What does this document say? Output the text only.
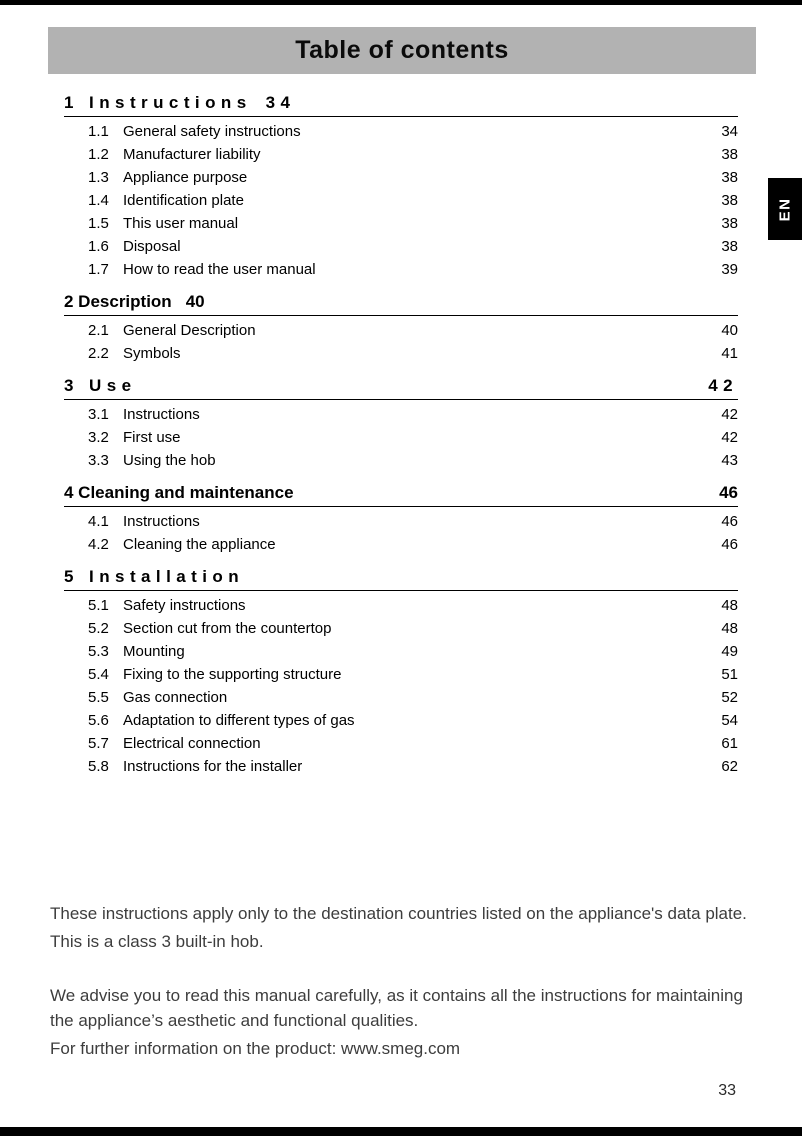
Table of contents
EN
1 Instructions 34
1.1 General safety instructions	34
1.2 Manufacturer liability	38
1.3 Appliance purpose	38
1.4 Identification plate	38
1.5 This user manual	38
1.6 Disposal	38
1.7 How to read the user manual	39
2 Description 40
2.1 General Description	40
2.2 Symbols	41
3 Use	42
3.1 Instructions	42
3.2 First use	42
3.3 Using the hob	43
4 Cleaning and maintenance	46
4.1 Instructions	46
4.2 Cleaning the appliance	46
5 Installation
5.1 Safety instructions	48
5.2 Section cut from the countertop	48
5.3 Mounting	49
5.4 Fixing to the supporting structure	51
5.5 Gas connection	52
5.6 Adaptation to different types of gas	54
5.7 Electrical connection	61
5.8 Instructions for the installer	62

These instructions apply only to the destination countries listed on the appliance's data plate.

This is a class 3 built-in hob.

We advise you to read this manual carefully, as it contains all the instructions for maintaining the appliance’s aesthetic and functional qualities.

For further information on the product: www.smeg.com

33
